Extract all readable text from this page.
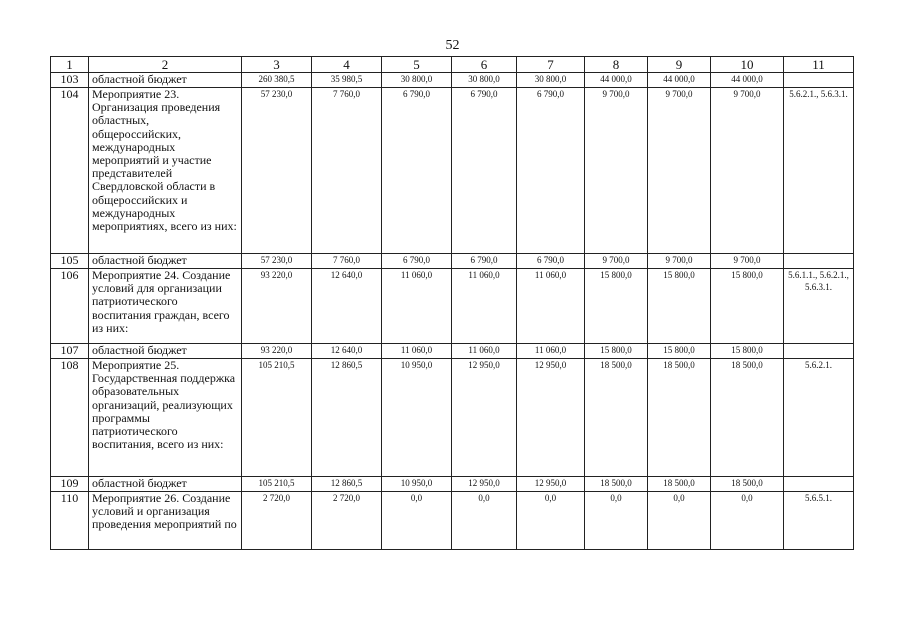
52
1	2	3	4	5	6	7	8	9	10	11
103	областной бюджет	260 380,5	35 980,5	30 800,0	30 800,0	30 800,0	44 000,0	44 000,0	44 000,0	
104	Мероприятие 23. Организация проведения областных, общероссийских, международных мероприятий и участие представителей Свердловской области в общероссийских и международных мероприятиях, всего из них:	57 230,0	7 760,0	6 790,0	6 790,0	6 790,0	9 700,0	9 700,0	9 700,0	5.6.2.1., 5.6.3.1.
105	областной бюджет	57 230,0	7 760,0	6 790,0	6 790,0	6 790,0	9 700,0	9 700,0	9 700,0	
106	Мероприятие 24. Создание условий для организации патриотического воспитания граждан, всего из них:	93 220,0	12 640,0	11 060,0	11 060,0	11 060,0	15 800,0	15 800,0	15 800,0	5.6.1.1., 5.6.2.1., 5.6.3.1.
107	областной бюджет	93 220,0	12 640,0	11 060,0	11 060,0	11 060,0	15 800,0	15 800,0	15 800,0	
108	Мероприятие 25. Государственная поддержка образовательных организаций, реализующих программы патриотического воспитания, всего из них:	105 210,5	12 860,5	10 950,0	12 950,0	12 950,0	18 500,0	18 500,0	18 500,0	5.6.2.1.
109	областной бюджет	105 210,5	12 860,5	10 950,0	12 950,0	12 950,0	18 500,0	18 500,0	18 500,0	
110	Мероприятие 26. Создание условий и организация проведения мероприятий по	2 720,0	2 720,0	0,0	0,0	0,0	0,0	0,0	0,0	5.6.5.1.
